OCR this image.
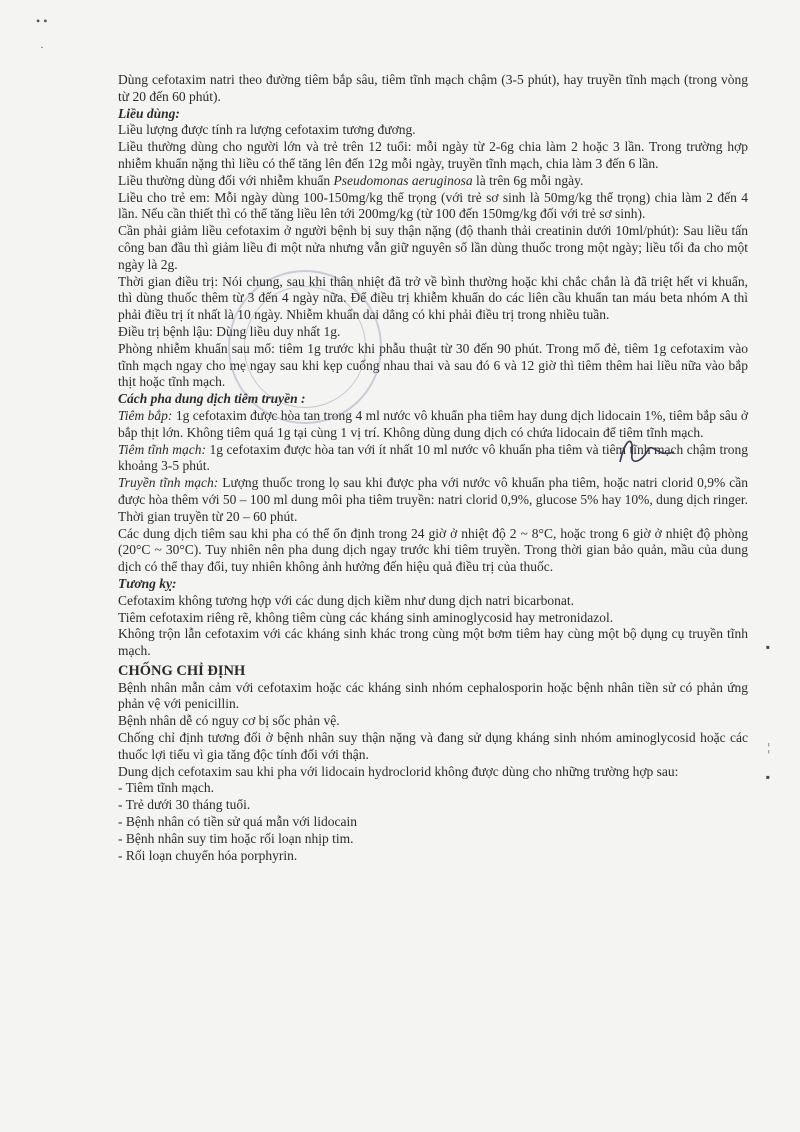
• •
·

Dùng cefotaxim natri theo đường tiêm bắp sâu, tiêm tĩnh mạch chậm (3-5 phút), hay truyền tĩnh mạch (trong vòng từ 20 đến 60 phút).

Liều dùng:

Liều lượng được tính ra lượng cefotaxim tương đương.

Liều thường dùng cho người lớn và trẻ trên 12 tuổi: mỗi ngày từ 2-6g chia làm 2 hoặc 3 lần. Trong trường hợp nhiễm khuẩn nặng thì liều có thể tăng lên đến 12g mỗi ngày, truyền tĩnh mạch, chia làm 3 đến 6 lần.

Liều thường dùng đối với nhiễm khuẩn Pseudomonas aeruginosa là trên 6g mỗi ngày.

Liều cho trẻ em: Mỗi ngày dùng 100-150mg/kg thể trọng (với trẻ sơ sinh là 50mg/kg thể trọng) chia làm 2 đến 4 lần. Nếu cần thiết thì có thể tăng liều lên tới 200mg/kg (từ 100 đến 150mg/kg đối với trẻ sơ sinh).

Cần phải giảm liều cefotaxim ở người bệnh bị suy thận nặng (độ thanh thải creatinin dưới 10ml/phút): Sau liều tấn công ban đầu thì giảm liều đi một nửa nhưng vẫn giữ nguyên số lần dùng thuốc trong một ngày; liều tối đa cho một ngày là 2g.

Thời gian điều trị: Nói chung, sau khi thân nhiệt đã trở về bình thường hoặc khi chắc chắn là đã triệt hết vi khuẩn, thì dùng thuốc thêm từ 3 đến 4 ngày nữa. Để điều trị khiễm khuẩn do các liên cầu khuẩn tan máu beta nhóm A thì phải điều trị ít nhất là 10 ngày. Nhiễm khuẩn dai dẳng có khi phải điều trị trong nhiều tuần.

Điều trị bệnh lậu: Dùng liều duy nhất 1g.

Phòng nhiễm khuẩn sau mổ: tiêm 1g trước khi phẫu thuật từ 30 đến 90 phút. Trong mổ đẻ, tiêm 1g cefotaxim vào tĩnh mạch ngay cho mẹ ngay sau khi kẹp cuống nhau thai và sau đó 6 và 12 giờ thì tiêm thêm hai liều nữa vào bắp thịt hoặc tĩnh mạch.

Cách pha dung dịch tiêm truyền :

Tiêm bắp: 1g cefotaxim được hòa tan trong 4 ml nước vô khuẩn pha tiêm hay dung dịch lidocain 1%, tiêm bắp sâu ở bắp thịt lớn. Không tiêm quá 1g tại cùng 1 vị trí. Không dùng dung dịch có chứa lidocain để tiêm tĩnh mạch.

Tiêm tĩnh mạch: 1g cefotaxim được hòa tan với ít nhất 10 ml nước vô khuẩn pha tiêm và tiêm tĩnh mạch chậm trong khoảng 3-5 phút.

Truyền tĩnh mạch: Lượng thuốc trong lọ sau khi được pha với nước vô khuẩn pha tiêm, hoặc natri clorid 0,9% cần được hòa thêm với 50 – 100 ml dung môi pha tiêm truyền: natri clorid 0,9%, glucose 5% hay 10%, dung dịch ringer. Thời gian truyền từ 20 – 60 phút.

Các dung dịch tiêm sau khi pha có thể ổn định trong 24 giờ ở nhiệt độ 2 ~ 8°C, hoặc trong 6 giờ ở nhiệt độ phòng (20°C ~ 30°C). Tuy nhiên nên pha dung dịch ngay trước khi tiêm truyền. Trong thời gian bảo quản, mầu của dung dịch có thể thay đổi, tuy nhiên không ảnh hưởng đến hiệu quả điều trị của thuốc.

Tương kỵ:

Cefotaxim không tương hợp với các dung dịch kiềm như dung dịch natri bicarbonat.

Tiêm cefotaxim riêng rẽ, không tiêm cùng các kháng sinh aminoglycosid hay metronidazol.

Không trộn lẫn cefotaxim với các kháng sinh khác trong cùng một bơm tiêm hay cùng một bộ dụng cụ truyền tĩnh mạch.

CHỐNG CHỈ ĐỊNH

Bệnh nhân mẫn cảm với cefotaxim hoặc các kháng sinh nhóm cephalosporin hoặc bệnh nhân tiền sử có phản ứng phản vệ với penicillin.

Bệnh nhân dễ có nguy cơ bị sốc phản vệ.

Chống chỉ định tương đối ở bệnh nhân suy thận nặng và đang sử dụng kháng sinh nhóm aminoglycosid hoặc các thuốc lợi tiểu vì gia tăng độc tính đối với thận.

Dung dịch cefotaxim sau khi pha với lidocain hydroclorid không được dùng cho những trường hợp sau:

- Tiêm tĩnh mạch.

- Trẻ dưới 30 tháng tuổi.

- Bệnh nhân có tiền sử quá mẫn với lidocain

- Bệnh nhân suy tim hoặc rối loạn nhịp tim.

- Rối loạn chuyển hóa porphyrin.

▪
¦
▪
